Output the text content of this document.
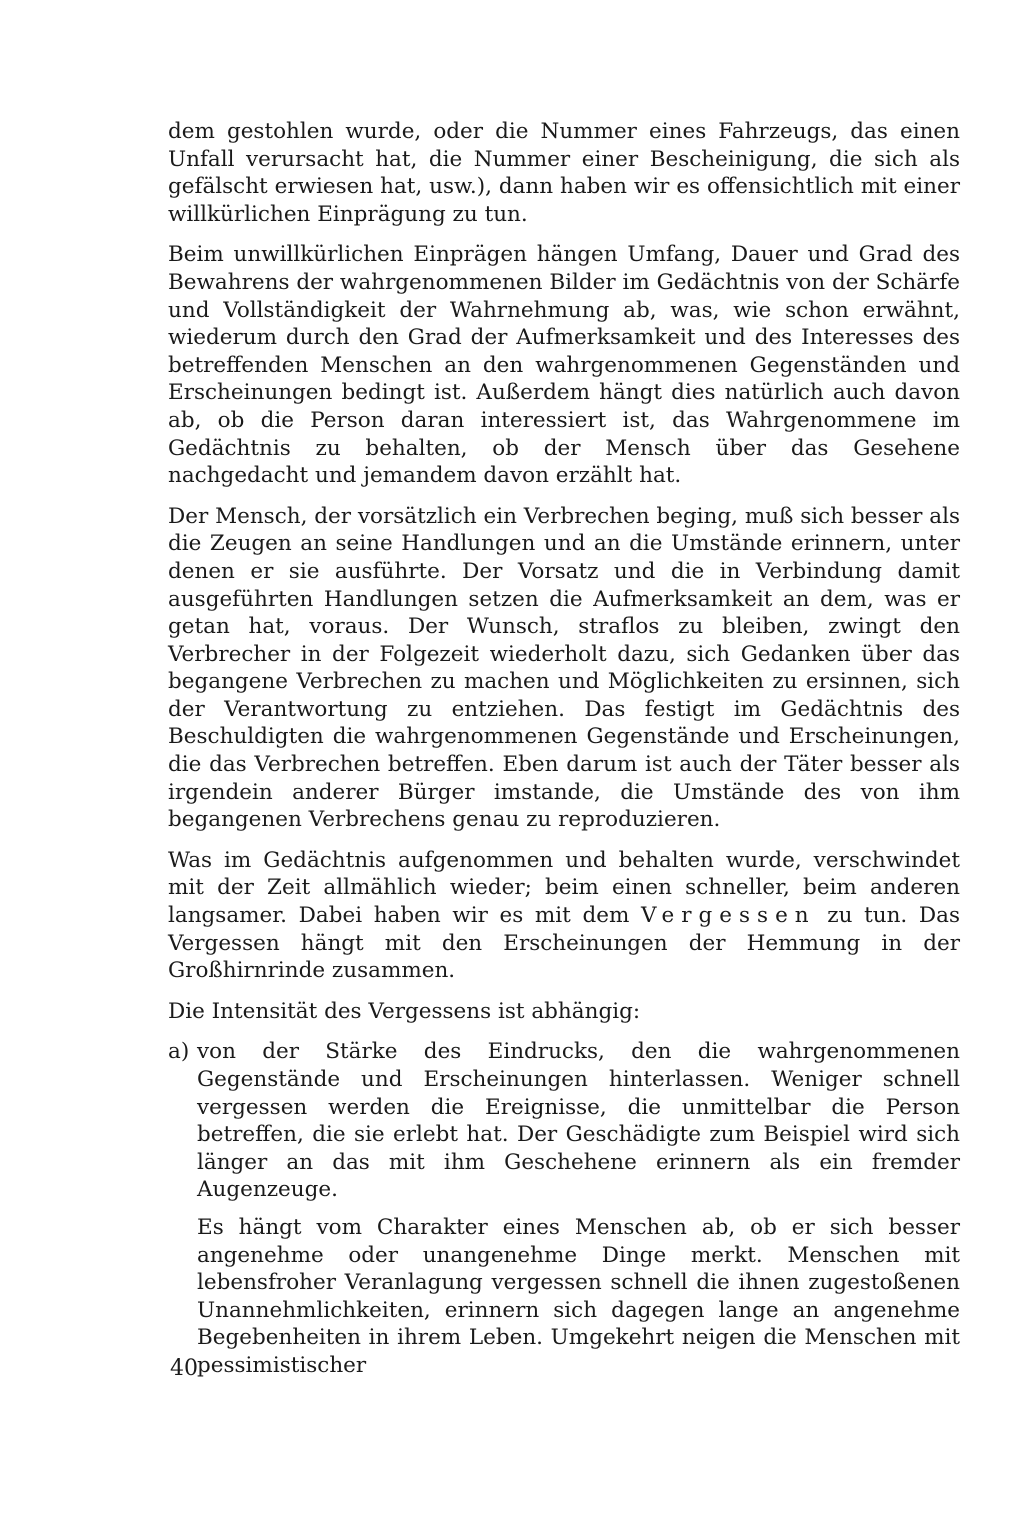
dem gestohlen wurde, oder die Nummer eines Fahrzeugs, das einen Unfall verursacht hat, die Nummer einer Bescheinigung, die sich als gefälscht erwiesen hat, usw.), dann haben wir es offensichtlich mit einer willkürlichen Einprägung zu tun.

Beim unwillkürlichen Einprägen hängen Umfang, Dauer und Grad des Bewahrens der wahrgenommenen Bilder im Gedächtnis von der Schärfe und Vollständigkeit der Wahrnehmung ab, was, wie schon erwähnt, wiederum durch den Grad der Aufmerksamkeit und des Interesses des betreffenden Menschen an den wahrgenommenen Gegenständen und Erscheinungen bedingt ist. Außerdem hängt dies natürlich auch davon ab, ob die Person daran interessiert ist, das Wahrgenommene im Gedächtnis zu behalten, ob der Mensch über das Gesehene nachgedacht und jemandem davon erzählt hat.

Der Mensch, der vorsätzlich ein Verbrechen beging, muß sich besser als die Zeugen an seine Handlungen und an die Umstände erinnern, unter denen er sie ausführte. Der Vorsatz und die in Verbindung damit ausgeführten Handlungen setzen die Aufmerksamkeit an dem, was er getan hat, voraus. Der Wunsch, straflos zu bleiben, zwingt den Verbrecher in der Folgezeit wiederholt dazu, sich Gedanken über das begangene Verbrechen zu machen und Möglichkeiten zu ersinnen, sich der Verantwortung zu entziehen. Das festigt im Gedächtnis des Beschuldigten die wahrgenommenen Gegenstände und Erscheinungen, die das Verbrechen betreffen. Eben darum ist auch der Täter besser als irgendein anderer Bürger imstande, die Umstände des von ihm begangenen Verbrechens genau zu reproduzieren.

Was im Gedächtnis aufgenommen und behalten wurde, verschwindet mit der Zeit allmählich wieder; beim einen schneller, beim anderen langsamer. Dabei haben wir es mit dem Vergessen zu tun. Das Vergessen hängt mit den Erscheinungen der Hemmung in der Großhirnrinde zusammen.

Die Intensität des Vergessens ist abhängig:

a) von der Stärke des Eindrucks, den die wahrgenommenen Gegenstände und Erscheinungen hinterlassen. Weniger schnell vergessen werden die Ereignisse, die unmittelbar die Person betreffen, die sie erlebt hat. Der Geschädigte zum Beispiel wird sich länger an das mit ihm Geschehene erinnern als ein fremder Augenzeuge.

Es hängt vom Charakter eines Menschen ab, ob er sich besser angenehme oder unangenehme Dinge merkt. Menschen mit lebensfroher Veranlagung vergessen schnell die ihnen zugestoßenen Unannehmlichkeiten, erinnern sich dagegen lange an angenehme Begebenheiten in ihrem Leben. Umgekehrt neigen die Menschen mit pessimistischer

40
